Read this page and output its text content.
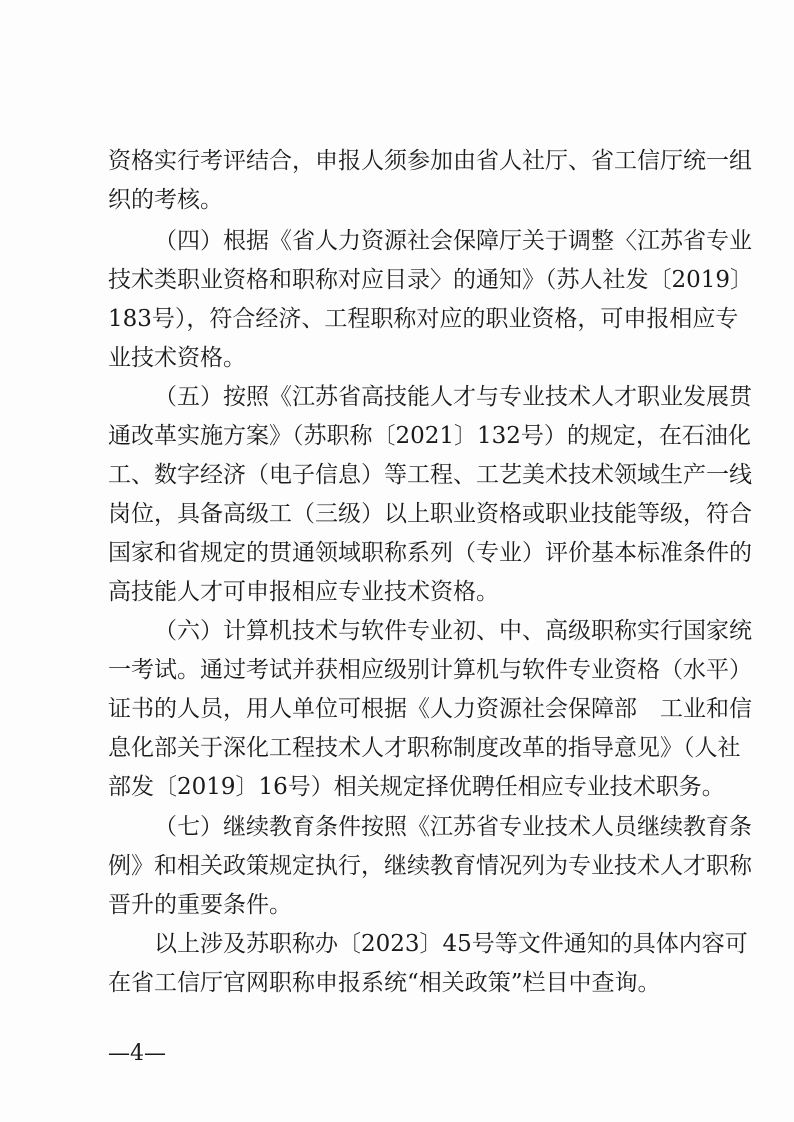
资格实行考评结合，申报人须参加由省人社厅、省工信厅统一组
织的考核。
（四）根据《省人力资源社会保障厅关于调整〈江苏省专业
技术类职业资格和职称对应目录〉的通知》（苏人社发〔2019〕
183号），符合经济、工程职称对应的职业资格，可申报相应专
业技术资格。
（五）按照《江苏省高技能人才与专业技术人才职业发展贯
通改革实施方案》（苏职称〔2021〕132号）的规定，在石油化
工、数字经济（电子信息）等工程、工艺美术技术领域生产一线
岗位，具备高级工（三级）以上职业资格或职业技能等级，符合
国家和省规定的贯通领域职称系列（专业）评价基本标准条件的
高技能人才可申报相应专业技术资格。
（六）计算机技术与软件专业初、中、高级职称实行国家统
一考试。通过考试并获相应级别计算机与软件专业资格（水平）
证书的人员，用人单位可根据《人力资源社会保障部　工业和信
息化部关于深化工程技术人才职称制度改革的指导意见》（人社
部发〔2019〕16号）相关规定择优聘任相应专业技术职务。
（七）继续教育条件按照《江苏省专业技术人员继续教育条
例》和相关政策规定执行，继续教育情况列为专业技术人才职称
晋升的重要条件。
以上涉及苏职称办〔2023〕45号等文件通知的具体内容可
在省工信厅官网职称申报系统“相关政策”栏目中查询。
—4—
